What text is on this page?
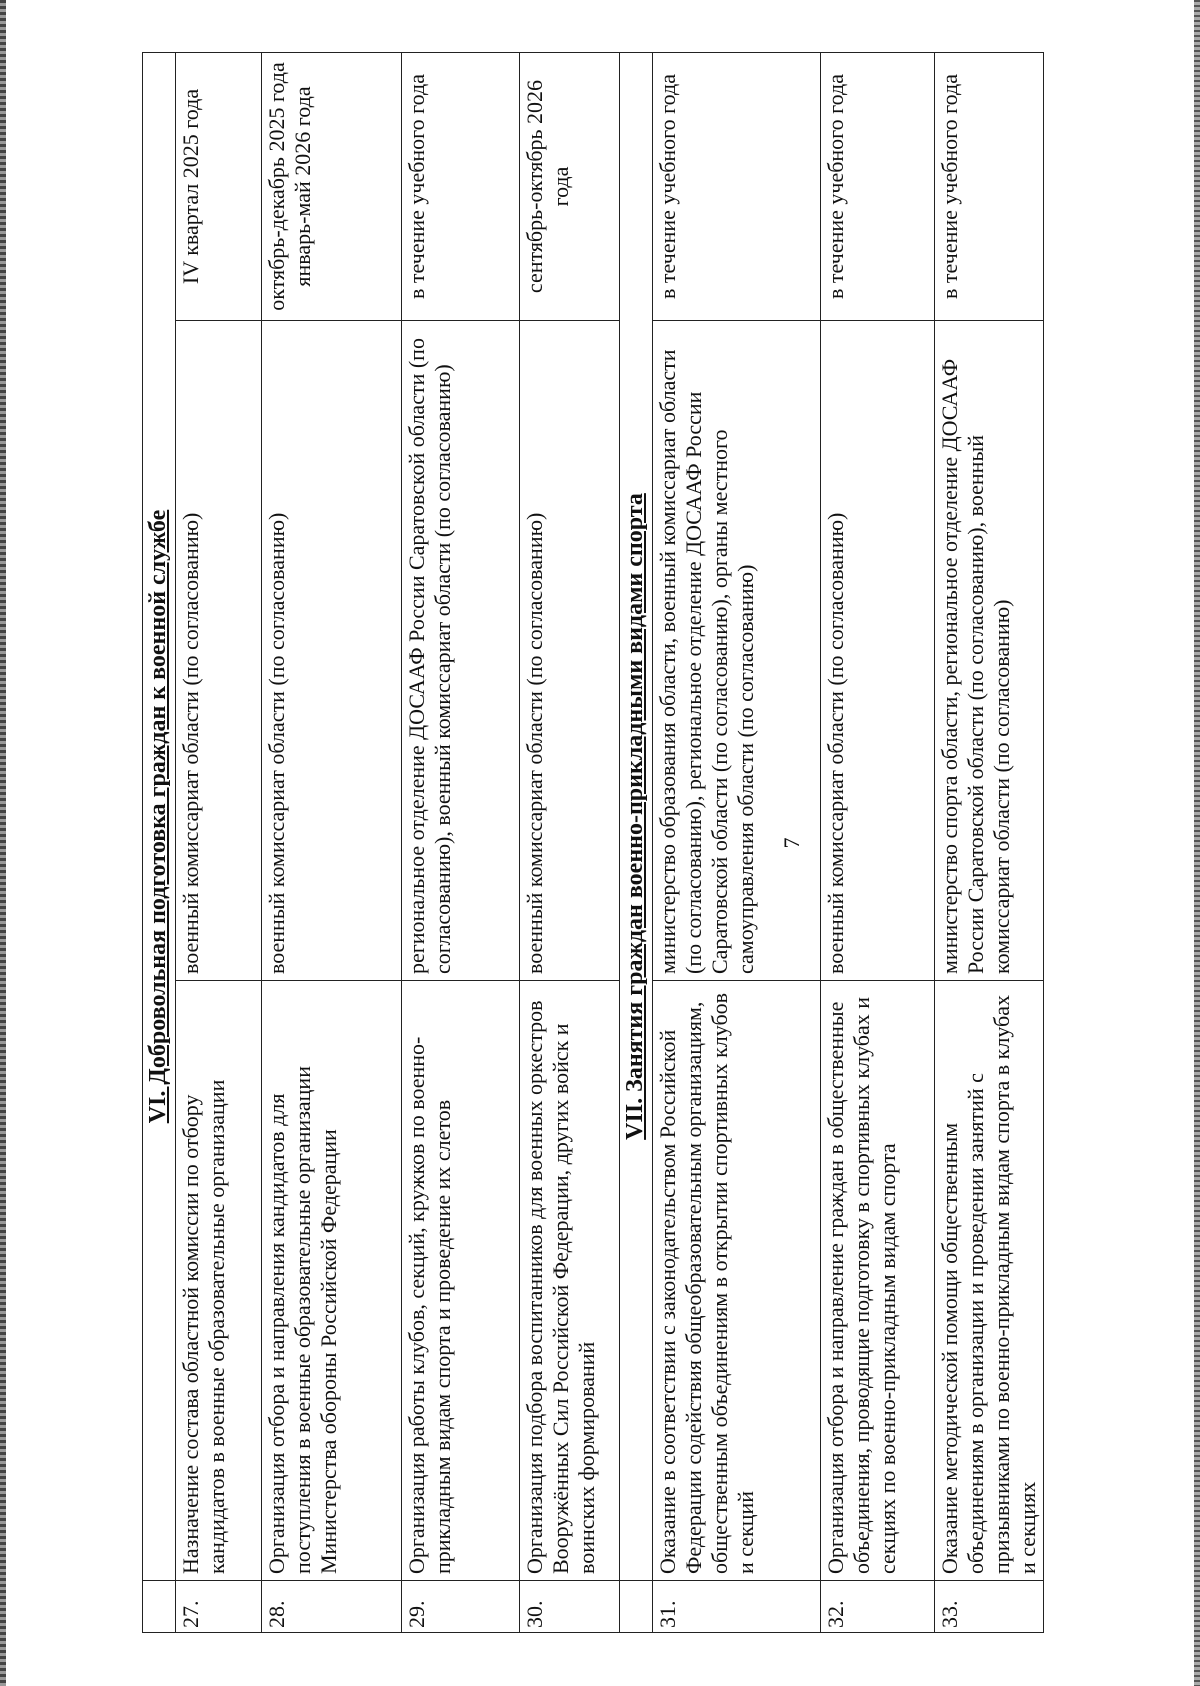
7
	VI. Добровольная подготовка граждан к военной службе		
27.	Назначение состава областной комиссии по отбору кандидатов в военные образовательные организации	военный комиссариат области (по согласованию)	IV квартал 2025 года
28.	Организация отбора и направления кандидатов для поступления в военные образовательные организации Министерства обороны Российской Федерации	военный комиссариат области (по согласованию)	октябрь-декабрь 2025 года январь-май 2026 года
29.	Организация работы клубов, секций, кружков по военно-прикладным видам спорта и проведение их слетов	региональное отделение ДОСААФ России Саратовской области (по согласованию), военный комиссариат области (по согласованию)	в течение учебного года
30.	Организация подбора воспитанников для военных оркестров Вооружённых Сил Российской Федерации, других войск и воинских формирований	военный комиссариат области (по согласованию)	сентябрь-октябрь 2026 года
	VII. Занятия граждан военно-прикладными видами спорта		
31.	Оказание в соответствии с законодательством Российской Федерации содействия общеобразовательным организациям, общественным объединениям в открытии спортивных клубов и секций	министерство образования области, военный комиссариат области (по согласованию), региональное отделение ДОСААФ России Саратовской области (по согласованию), органы местного самоуправления области (по согласованию)	в течение учебного года
32.	Организация отбора и направление граждан в общественные объединения, проводящие подготовку в спортивных клубах и секциях по военно-прикладным видам спорта	военный комиссариат области (по согласованию)	в течение учебного года
33.	Оказание методической помощи общественным объединениям в организации и проведении занятий с призывниками по военно-прикладным видам спорта в клубах и секциях	министерство спорта области, региональное отделение ДОСААФ России Саратовской области (по согласованию), военный комиссариат области (по согласованию)	в течение учебного года
